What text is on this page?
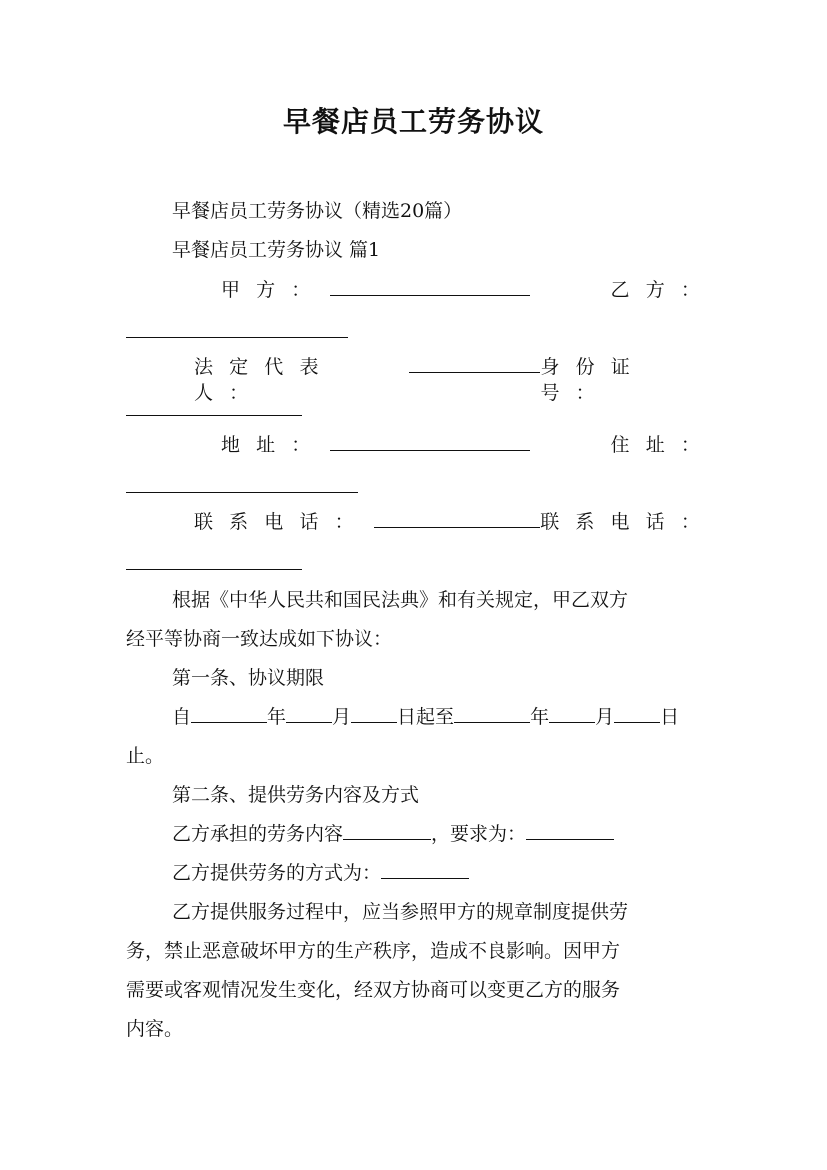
早餐店员工劳务协议
早餐店员工劳务协议（精选20篇）
早餐店员工劳务协议 篇1
甲方：	乙方：
法定代表人：
身份证号：
地址：	住址：
联系电话：	联系电话：
根据《中华人民共和国民法典》和有关规定，甲乙双方
经平等协商一致达成如下协议：
第一条、协议期限
自	年 月 日起至	年 月 日
止。
第二条、提供劳务内容及方式
乙方承担的劳务内容	，要求为：
乙方提供劳务的方式为：
乙方提供服务过程中，应当参照甲方的规章制度提供劳
务，禁止恶意破坏甲方的生产秩序，造成不良影响。因甲方
需要或客观情况发生变化，经双方协商可以变更乙方的服务
内容。
